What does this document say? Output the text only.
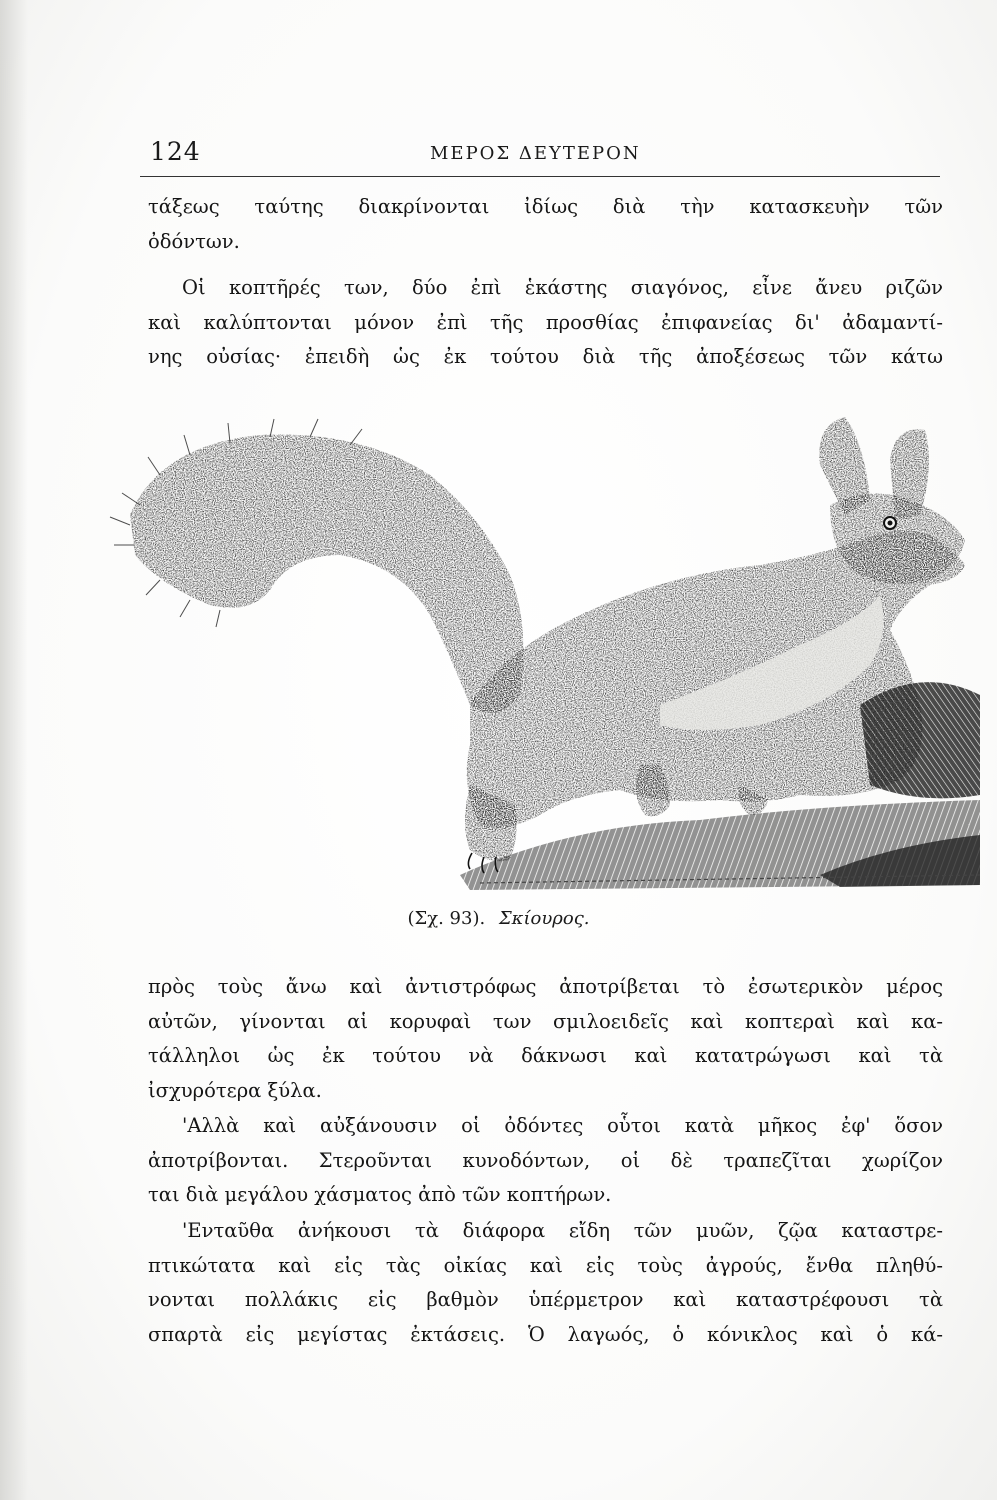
124	ΜΕΡΟΣ ΔΕΥΤΕΡΟΝ
τάξεως ταύτης διακρίνονται ἰδίως διὰ τὴν κατασκευὴν τῶν
ὀδόντων.
Οἱ κοπτῆρές των, δύο ἐπὶ ἑκάστης σιαγόνος, εἶνε ἄνευ ριζῶν
καὶ καλύπτονται μόνον ἐπὶ τῆς προσθίας ἐπιφανείας δι' ἀδαμαντί-
νης οὐσίας· ἐπειδὴ ὡς ἐκ τούτου διὰ τῆς ἀποξέσεως τῶν κάτω
(Σχ. 93). Σκίουρος.
πρὸς τοὺς ἄνω καὶ ἀντιστρόφως ἀποτρίβεται τὸ ἐσωτερικὸν μέρος
αὐτῶν, γίνονται αἱ κορυφαὶ των σμιλοειδεῖς καὶ κοπτεραὶ καὶ κα-
τάλληλοι ὡς ἐκ τούτου νὰ δάκνωσι καὶ κατατρώγωσι καὶ τὰ
ἰσχυρότερα ξύλα.
'Αλλὰ καὶ αὐξάνουσιν οἱ ὀδόντες οὗτοι κατὰ μῆκος ἐφ' ὅσον
ἀποτρίβονται. Στεροῦνται κυνοδόντων, οἱ δὲ τραπεζῖται χωρίζον
ται διὰ μεγάλου χάσματος ἀπὸ τῶν κοπτήρων.
'Ενταῦθα ἀνήκουσι τὰ διάφορα εἴδη τῶν μυῶν, ζῷα καταστρε-
πτικώτατα καὶ εἰς τὰς οἰκίας καὶ εἰς τοὺς ἀγρούς, ἔνθα πληθύ-
νονται πολλάκις εἰς βαθμὸν ὑπέρμετρον καὶ καταστρέφουσι τὰ
σπαρτὰ εἰς μεγίστας ἐκτάσεις. Ὁ λαγωός, ὁ κόνικλος καὶ ὁ κά-
